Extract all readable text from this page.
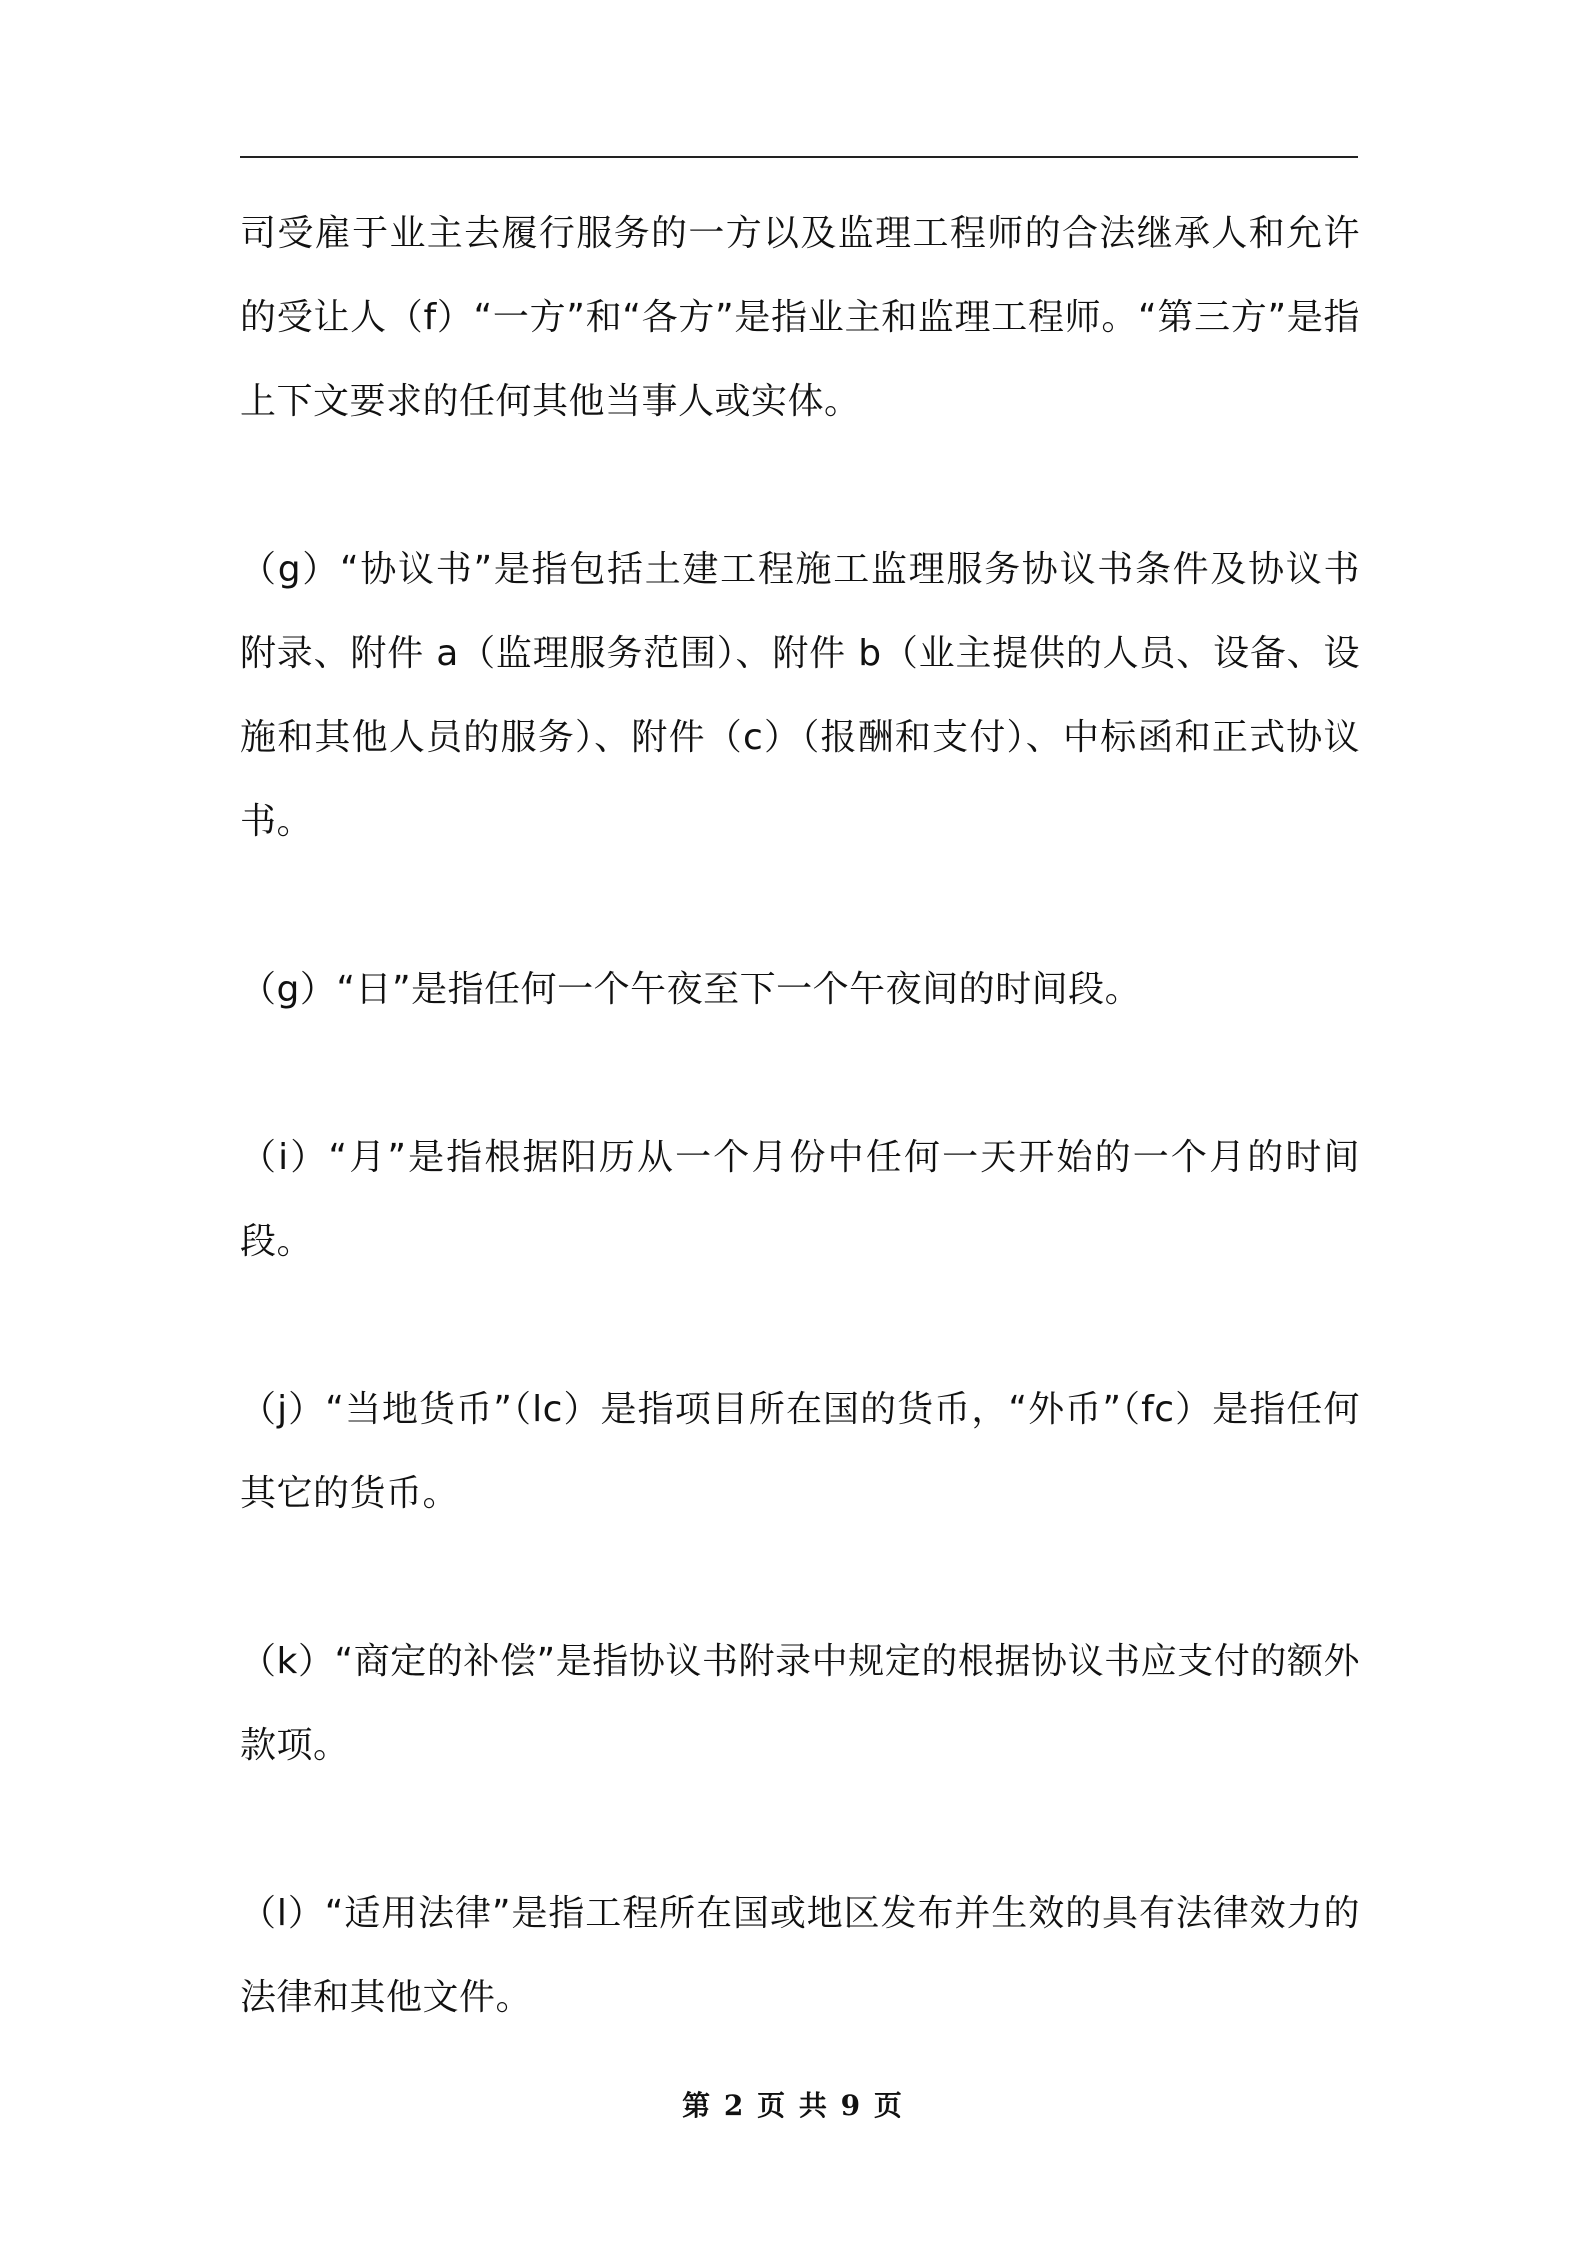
司受雇于业主去履行服务的一方以及监理工程师的合法继承人和允许的受让人（f）“一方”和“各方”是指业主和监理工程师。“第三方”是指上下文要求的任何其他当事人或实体。

（g）“协议书”是指包括土建工程施工监理服务协议书条件及协议书附录、附件 a（监理服务范围）、附件 b（业主提供的人员、设备、设施和其他人员的服务）、附件（c）（报酬和支付）、中标函和正式协议书。

（g）“日”是指任何一个午夜至下一个午夜间的时间段。

（i）“月”是指根据阳历从一个月份中任何一天开始的一个月的时间段。

（j）“当地货币”（lc）是指项目所在国的货币，“外币”（fc）是指任何其它的货币。

（k）“商定的补偿”是指协议书附录中规定的根据协议书应支付的额外款项。

（l）“适用法律”是指工程所在国或地区发布并生效的具有法律效力的法律和其他文件。

第 2 页 共 9 页
